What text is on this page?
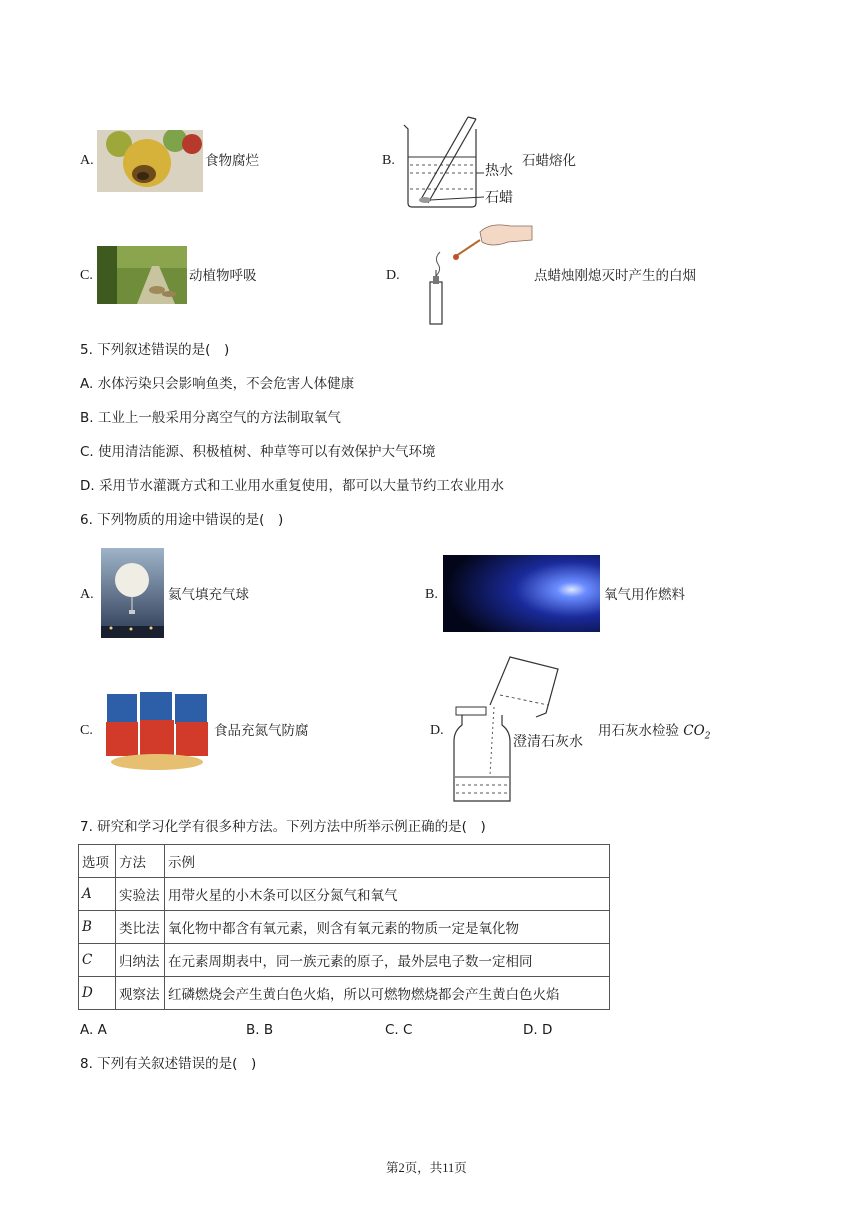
A.	食物腐烂	B.
热水
石蜡
石蜡熔化
C.	动植物呼吸	D.	点蜡烛刚熄灭时产生的白烟
5. 下列叙述错误的是( )
A. 水体污染只会影响鱼类，不会危害人体健康
B. 工业上一般采用分离空气的方法制取氧气
C. 使用清洁能源、积极植树、种草等可以有效保护大气环境
D. 采用节水灌溉方式和工业用水重复使用，都可以大量节约工农业用水
6. 下列物质的用途中错误的是( )
A.	氦气填充气球	B.	氧气用作燃料
C.	食品充氮气防腐	D.
澄清石灰水
用石灰水检验 $CO_2$
7. 研究和学习化学有很多种方法。下列方法中所举示例正确的是( )
选项	方法	示例
A	实验法	用带火星的小木条可以区分氮气和氧气
B	类比法	氧化物中都含有氧元素，则含有氧元素的物质一定是氧化物
C	归纳法	在元素周期表中，同一族元素的原子，最外层电子数一定相同
D	观察法	红磷燃烧会产生黄白色火焰，所以可燃物燃烧都会产生黄白色火焰
A. A	B. B	C. C	D. D
8. 下列有关叙述错误的是( )
第2页，共11页
